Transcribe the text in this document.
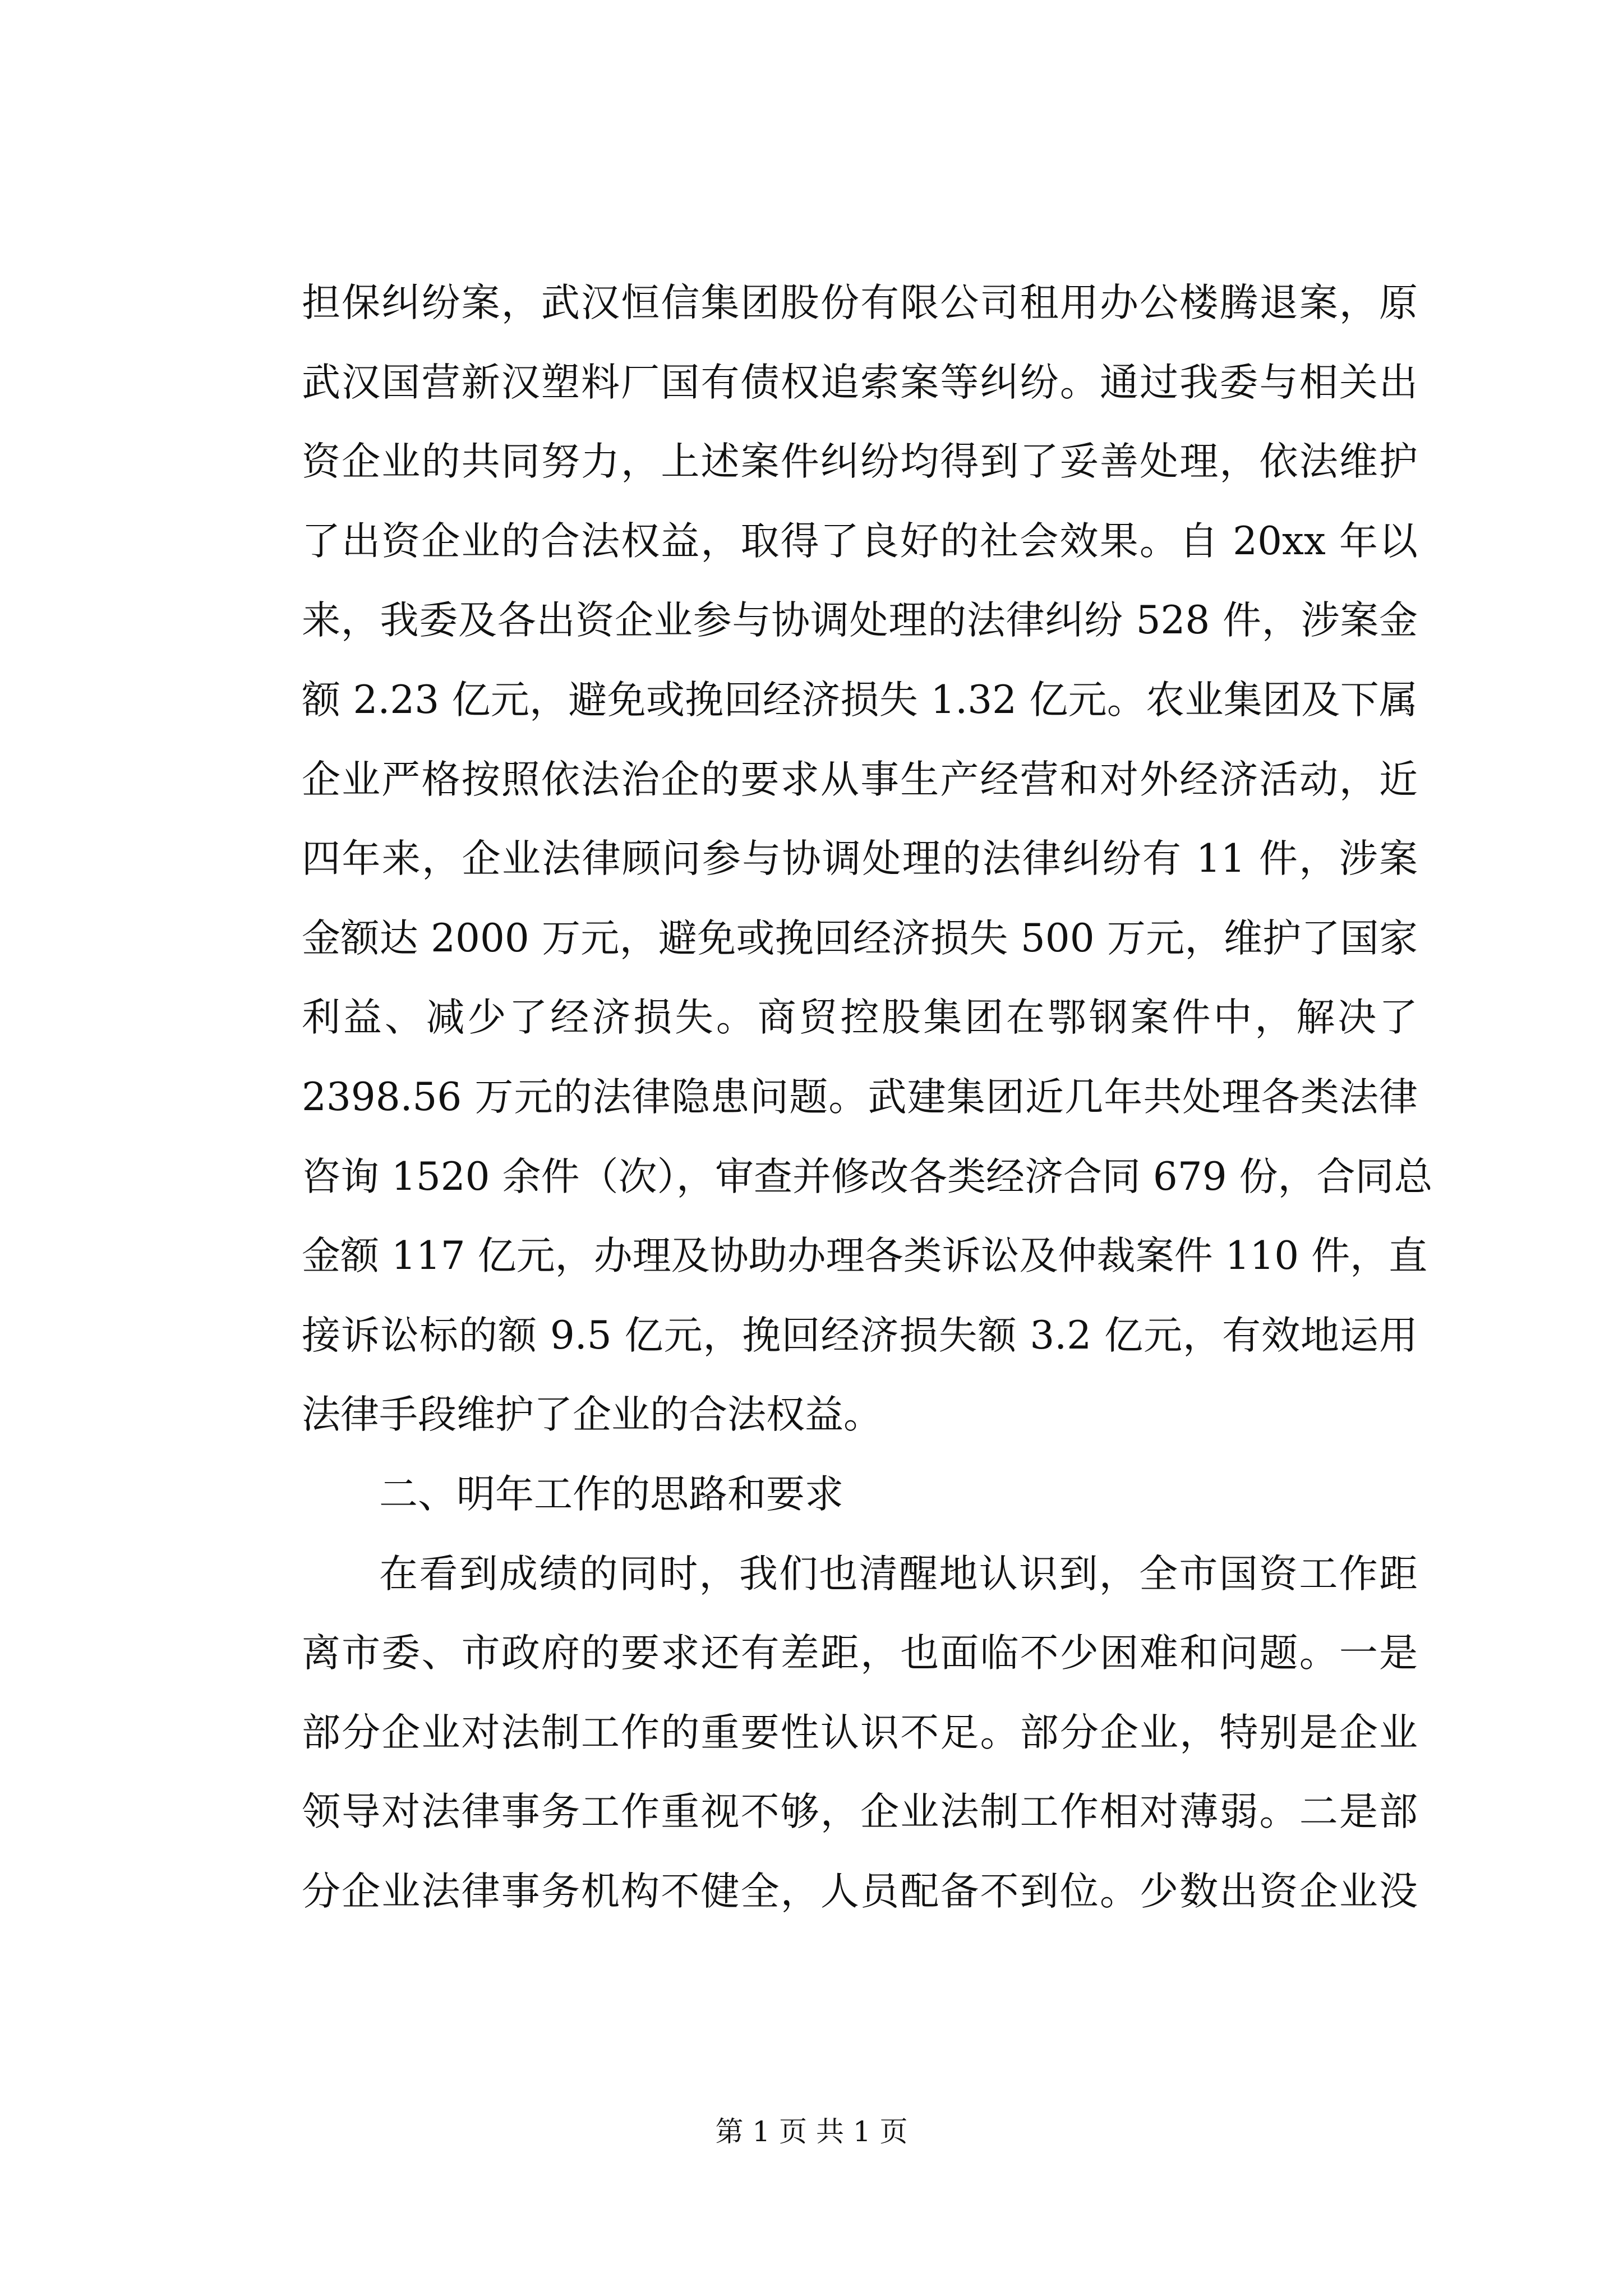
担保纠纷案，武汉恒信集团股份有限公司租用办公楼腾退案，原
武汉国营新汉塑料厂国有债权追索案等纠纷。通过我委与相关出
资企业的共同努力，上述案件纠纷均得到了妥善处理，依法维护
了出资企业的合法权益，取得了良好的社会效果。自 20xx 年以
来，我委及各出资企业参与协调处理的法律纠纷 528 件，涉案金
额 2.23 亿元，避免或挽回经济损失 1.32 亿元。农业集团及下属
企业严格按照依法治企的要求从事生产经营和对外经济活动，近
四年来，企业法律顾问参与协调处理的法律纠纷有 11 件，涉案
金额达 2000 万元，避免或挽回经济损失 500 万元，维护了国家
利益、减少了经济损失。商贸控股集团在鄂钢案件中，解决了
2398.56 万元的法律隐患问题。武建集团近几年共处理各类法律
咨询 1520 余件（次），审查并修改各类经济合同 679 份，合同总
金额 117 亿元，办理及协助办理各类诉讼及仲裁案件 110 件，直
接诉讼标的额 9.5 亿元，挽回经济损失额 3.2 亿元，有效地运用
法律手段维护了企业的合法权益。
二、明年工作的思路和要求
在看到成绩的同时，我们也清醒地认识到，全市国资工作距
离市委、市政府的要求还有差距，也面临不少困难和问题。一是
部分企业对法制工作的重要性认识不足。部分企业，特别是企业
领导对法律事务工作重视不够，企业法制工作相对薄弱。二是部
分企业法律事务机构不健全，人员配备不到位。少数出资企业没
第 1 页 共 1 页
